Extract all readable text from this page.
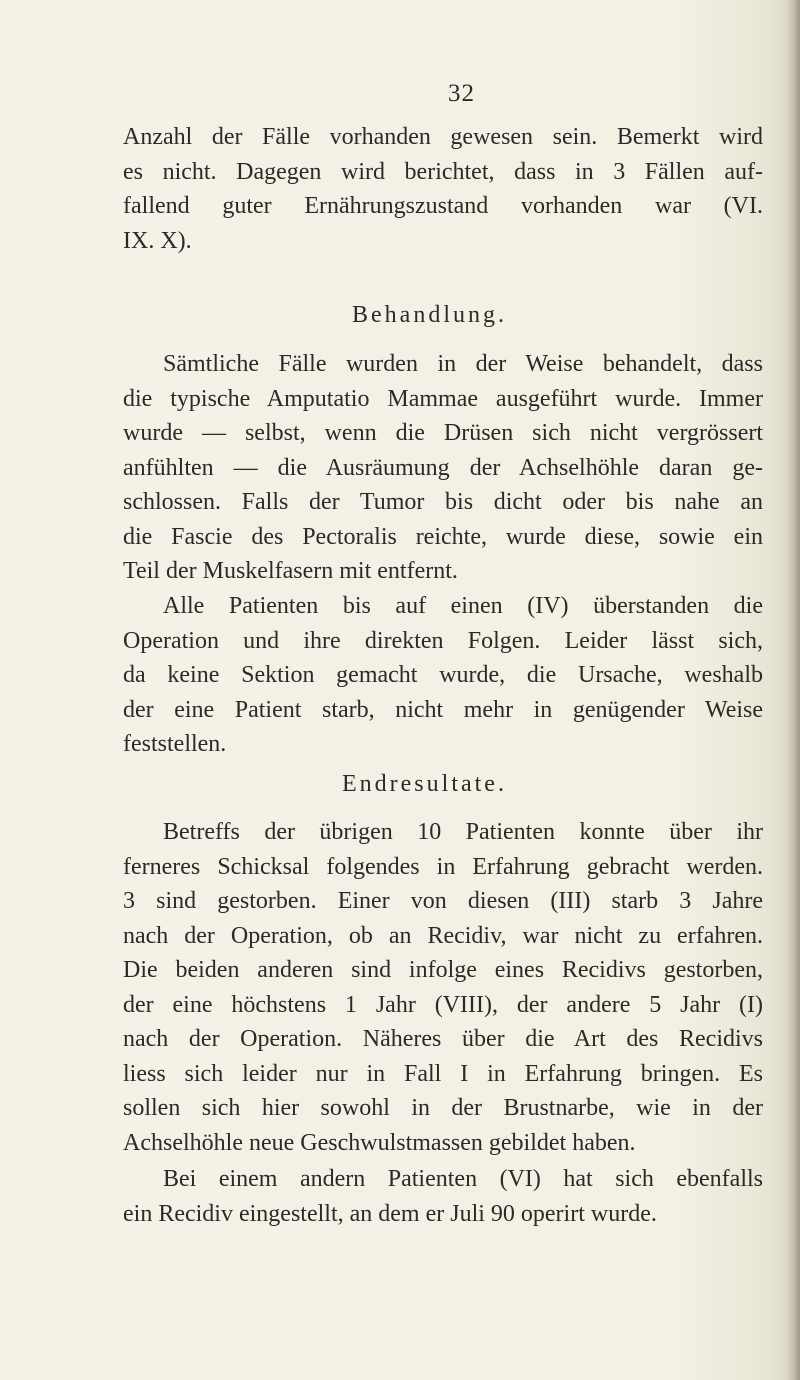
32
Anzahl der Fälle vorhanden gewesen sein. Bemerkt wird
es nicht. Dagegen wird berichtet, dass in 3 Fällen auf-
fallend guter Ernährungszustand vorhanden war (VI.
IX. X).
Behandlung.
Sämtliche Fälle wurden in der Weise behandelt, dass
die typische Amputatio Mammae ausgeführt wurde. Immer
wurde — selbst, wenn die Drüsen sich nicht vergrössert
anfühlten — die Ausräumung der Achselhöhle daran ge-
schlossen. Falls der Tumor bis dicht oder bis nahe an
die Fascie des Pectoralis reichte, wurde diese, sowie ein
Teil der Muskelfasern mit entfernt.
Alle Patienten bis auf einen (IV) überstanden die
Operation und ihre direkten Folgen. Leider lässt sich,
da keine Sektion gemacht wurde, die Ursache, weshalb
der eine Patient starb, nicht mehr in genügender Weise
feststellen.
Endresultate.
Betreffs der übrigen 10 Patienten konnte über ihr
ferneres Schicksal folgendes in Erfahrung gebracht werden.
3 sind gestorben. Einer von diesen (III) starb 3 Jahre
nach der Operation, ob an Recidiv, war nicht zu erfahren.
Die beiden anderen sind infolge eines Recidivs gestorben,
der eine höchstens 1 Jahr (VIII), der andere 5 Jahr (I)
nach der Operation. Näheres über die Art des Recidivs
liess sich leider nur in Fall I in Erfahrung bringen. Es
sollen sich hier sowohl in der Brustnarbe, wie in der
Achselhöhle neue Geschwulstmassen gebildet haben.
Bei einem andern Patienten (VI) hat sich ebenfalls
ein Recidiv eingestellt, an dem er Juli 90 operirt wurde.
